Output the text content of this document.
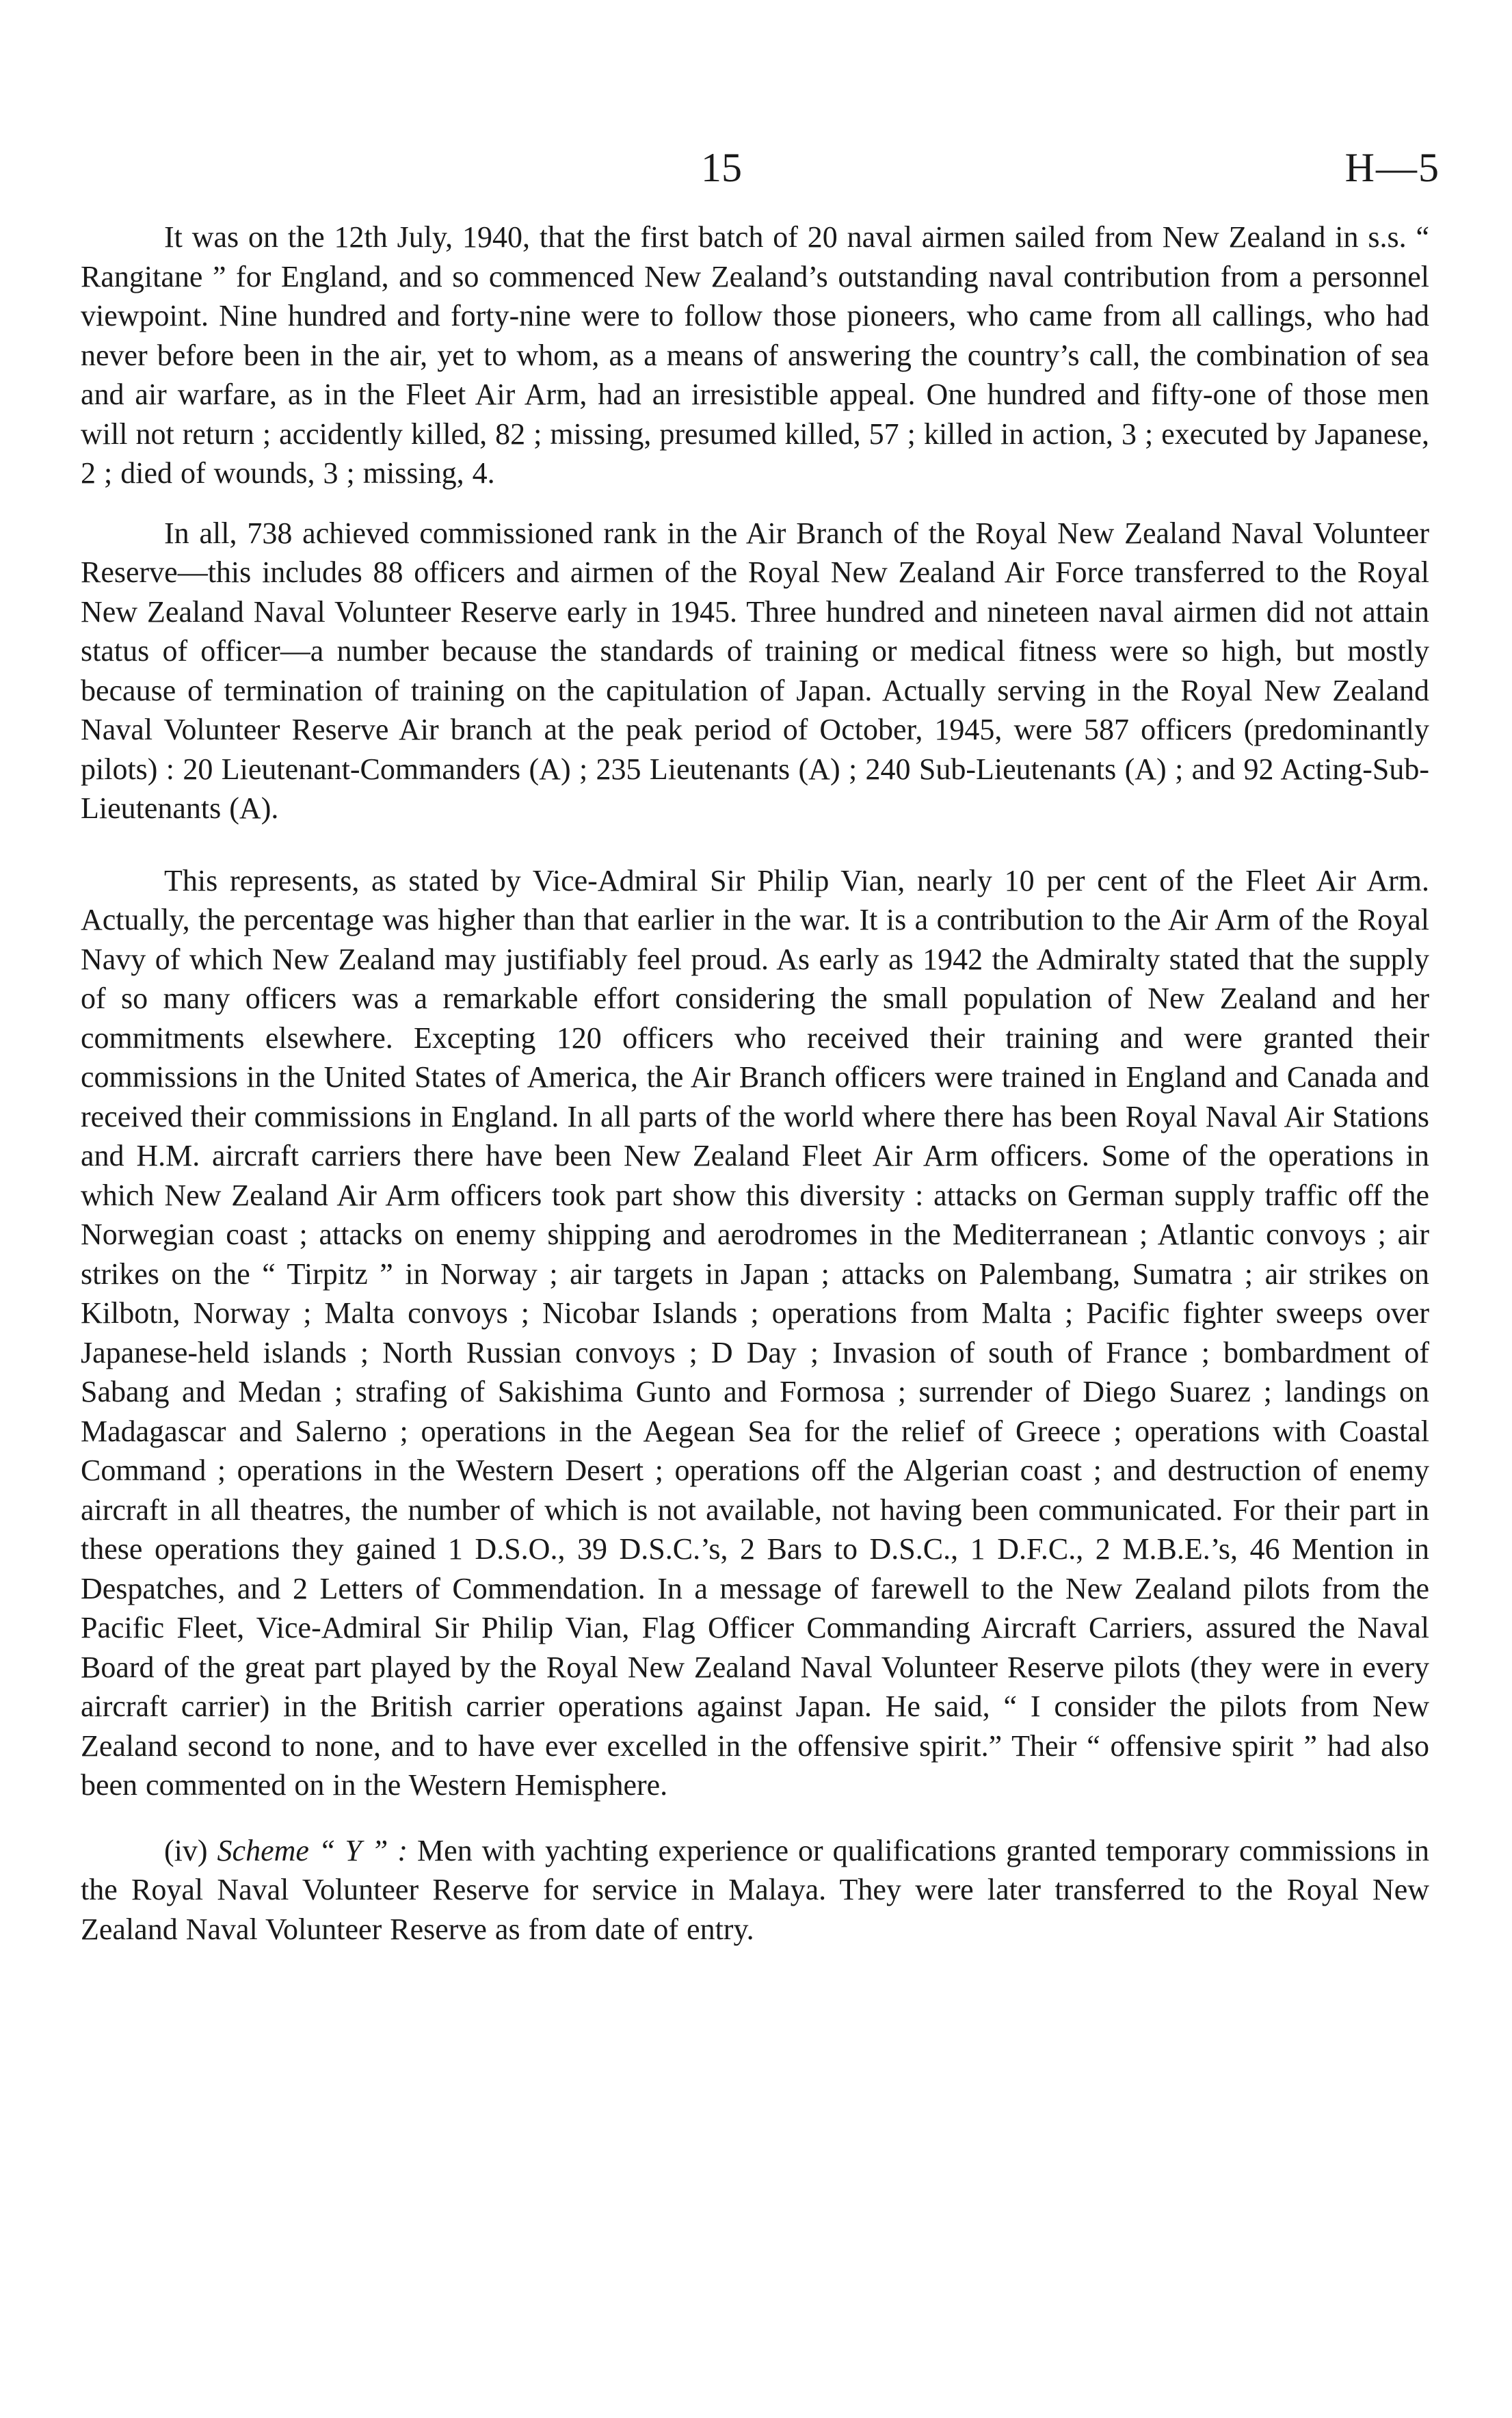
15	H—5

It was on the 12th July, 1940, that the first batch of 20 naval airmen sailed from New Zealand in s.s. “ Rangitane ” for England, and so commenced New Zealand’s outstanding naval contribution from a personnel viewpoint. Nine hundred and forty-nine were to follow those pioneers, who came from all callings, who had never before been in the air, yet to whom, as a means of answering the country’s call, the combination of sea and air warfare, as in the Fleet Air Arm, had an irresistible appeal. One hundred and fifty-one of those men will not return ; accidently killed, 82 ; missing, presumed killed, 57 ; killed in action, 3 ; executed by Japanese, 2 ; died of wounds, 3 ; missing, 4.

In all, 738 achieved commissioned rank in the Air Branch of the Royal New Zealand Naval Volunteer Reserve—this includes 88 officers and airmen of the Royal New Zealand Air Force transferred to the Royal New Zealand Naval Volunteer Reserve early in 1945. Three hundred and nineteen naval airmen did not attain status of officer—a number because the standards of training or medical fitness were so high, but mostly because of termination of training on the capitulation of Japan. Actually serving in the Royal New Zealand Naval Volunteer Reserve Air branch at the peak period of October, 1945, were 587 officers (predominantly pilots) : 20 Lieutenant-Commanders (A) ; 235 Lieutenants (A) ; 240 Sub-Lieutenants (A) ; and 92 Acting-Sub-Lieutenants (A).

This represents, as stated by Vice-Admiral Sir Philip Vian, nearly 10 per cent of the Fleet Air Arm. Actually, the percentage was higher than that earlier in the war. It is a contribution to the Air Arm of the Royal Navy of which New Zealand may justifiably feel proud. As early as 1942 the Admiralty stated that the supply of so many officers was a remarkable effort considering the small population of New Zealand and her commitments elsewhere. Excepting 120 officers who received their training and were granted their commissions in the United States of America, the Air Branch officers were trained in England and Canada and received their commissions in England. In all parts of the world where there has been Royal Naval Air Stations and H.M. aircraft carriers there have been New Zealand Fleet Air Arm officers. Some of the operations in which New Zealand Air Arm officers took part show this diversity : attacks on German supply traffic off the Norwegian coast ; attacks on enemy shipping and aerodromes in the Mediterranean ; Atlantic convoys ; air strikes on the “ Tirpitz ” in Norway ; air targets in Japan ; attacks on Palembang, Sumatra ; air strikes on Kilbotn, Norway ; Malta convoys ; Nicobar Islands ; operations from Malta ; Pacific fighter sweeps over Japanese-held islands ; North Russian convoys ; D Day ; Invasion of south of France ; bombardment of Sabang and Medan ; strafing of Sakishima Gunto and Formosa ; surrender of Diego Suarez ; landings on Madagascar and Salerno ; operations in the Aegean Sea for the relief of Greece ; operations with Coastal Command ; operations in the Western Desert ; operations off the Algerian coast ; and destruction of enemy aircraft in all theatres, the number of which is not available, not having been communicated. For their part in these operations they gained 1 D.S.O., 39 D.S.C.’s, 2 Bars to D.S.C., 1 D.F.C., 2 M.B.E.’s, 46 Mention in Despatches, and 2 Letters of Commendation. In a message of farewell to the New Zealand pilots from the Pacific Fleet, Vice-Admiral Sir Philip Vian, Flag Officer Commanding Aircraft Carriers, assured the Naval Board of the great part played by the Royal New Zealand Naval Volunteer Reserve pilots (they were in every aircraft carrier) in the British carrier operations against Japan. He said, “ I consider the pilots from New Zealand second to none, and to have ever excelled in the offensive spirit.” Their “ offensive spirit ” had also been commented on in the Western Hemisphere.

(iv) Scheme “ Y ” : Men with yachting experience or qualifications granted temporary commissions in the Royal Naval Volunteer Reserve for service in Malaya. They were later transferred to the Royal New Zealand Naval Volunteer Reserve as from date of entry.
